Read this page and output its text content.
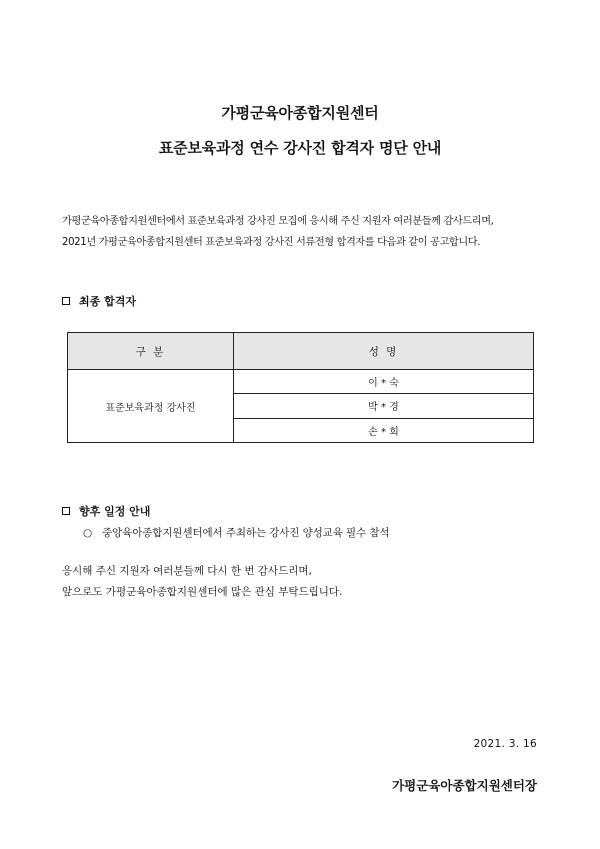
가평군육아종합지원센터
표준보육과정 연수 강사진 합격자 명단 안내

가평군육아종합지원센터에서 표준보육과정 강사진 모집에 응시해 주신 지원자 여러분들께 감사드리며,

2021년 가평군육아종합지원센터 표준보육과정 강사진 서류전형 합격자를 다음과 같이 공고합니다.

최종 합격자
구 분	성 명
표준보육과정 강사진	이 * 숙
	박 * 경
	손 * 희
향후 일정 안내
○ 중앙육아종합지원센터에서 주최하는 강사진 양성교육 필수 참석

응시해 주신 지원자 여러분들께 다시 한 번 감사드리며,

앞으로도 가평군육아종합지원센터에 많은 관심 부탁드립니다.

2021. 3. 16
가평군육아종합지원센터장
